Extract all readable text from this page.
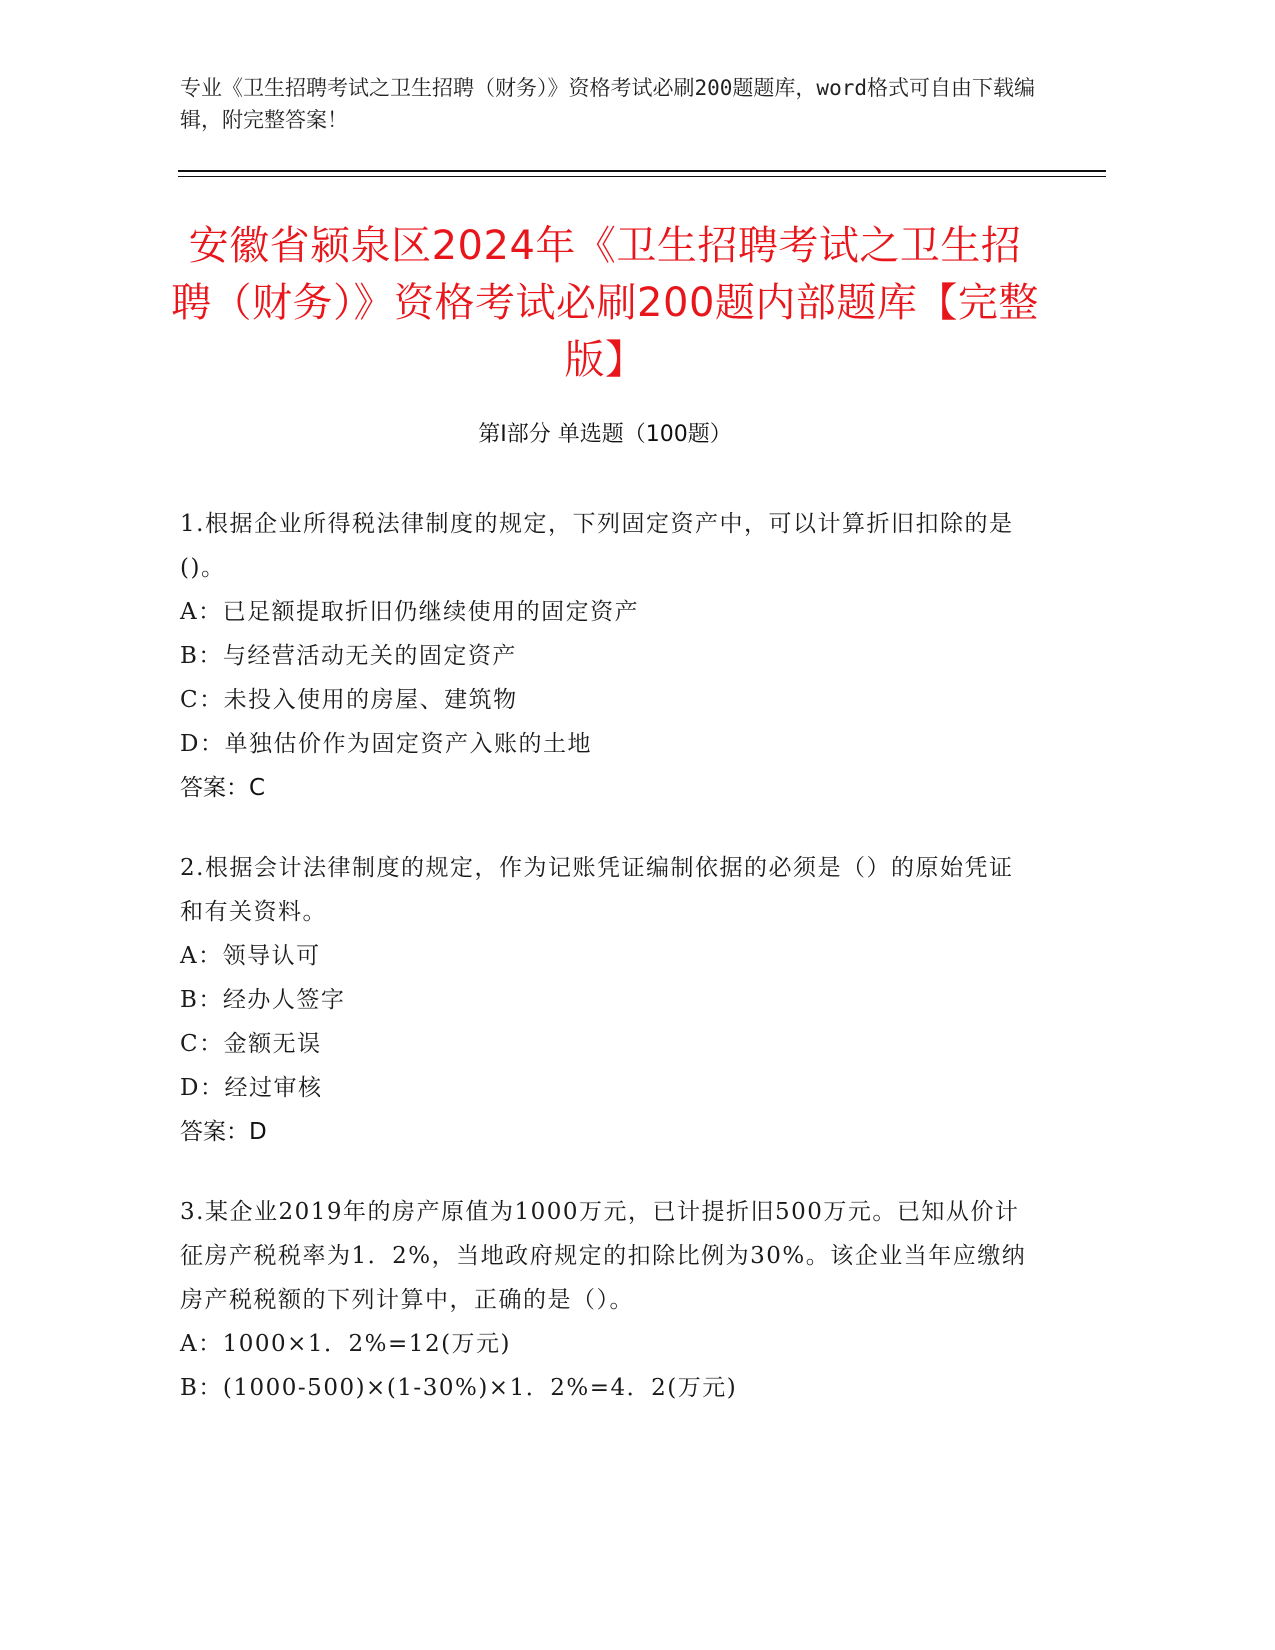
专业《卫生招聘考试之卫生招聘（财务）》资格考试必刷200题题库，word格式可自由下载编辑，附完整答案！
安徽省颍泉区2024年《卫生招聘考试之卫生招聘（财务）》资格考试必刷200题内部题库【完整版】
第I部分 单选题（100题）
1.根据企业所得税法律制度的规定，下列固定资产中，可以计算折旧扣除的是()。
A：已足额提取折旧仍继续使用的固定资产
B：与经营活动无关的固定资产
C：未投入使用的房屋、建筑物
D：单独估价作为固定资产入账的土地
答案：C
2.根据会计法律制度的规定，作为记账凭证编制依据的必须是（）的原始凭证和有关资料。
A：领导认可
B：经办人签字
C：金额无误
D：经过审核
答案：D
3.某企业2019年的房产原值为1000万元，已计提折旧500万元。已知从价计征房产税税率为1．2%，当地政府规定的扣除比例为30%。该企业当年应缴纳房产税税额的下列计算中，正确的是（）。
A：1000×1．2%=12(万元)
B：(1000-500)×(1-30%)×1．2%=4．2(万元)
